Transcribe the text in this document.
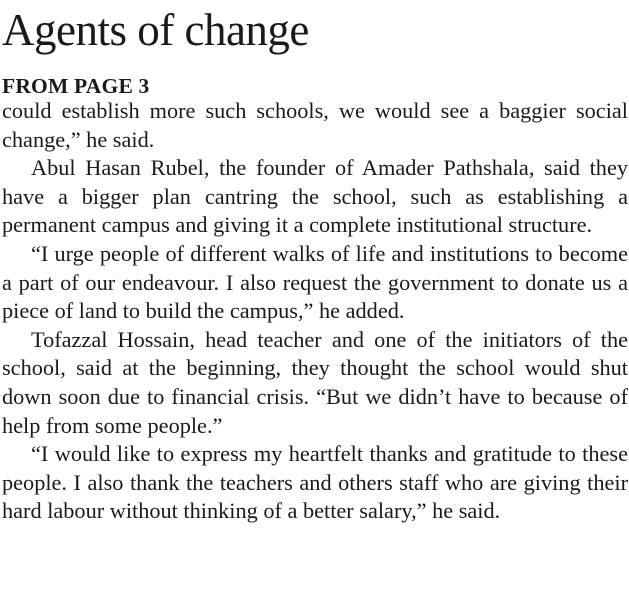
Agents of change
FROM PAGE 3

could establish more such schools, we would see a baggier social change,” he said.

Abul Hasan Rubel, the founder of Amader Pathshala, said they have a bigger plan cantring the school, such as establishing a permanent campus and giving it a complete institutional structure.

“I urge people of different walks of life and institutions to become a part of our endeavour. I also request the government to donate us a piece of land to build the campus,” he added.

Tofazzal Hossain, head teacher and one of the initiators of the school, said at the beginning, they thought the school would shut down soon due to financial crisis. “But we didn’t have to because of help from some people.”

“I would like to express my heartfelt thanks and gratitude to these people. I also thank the teachers and others staff who are giving their hard labour without thinking of a better salary,” he said.
